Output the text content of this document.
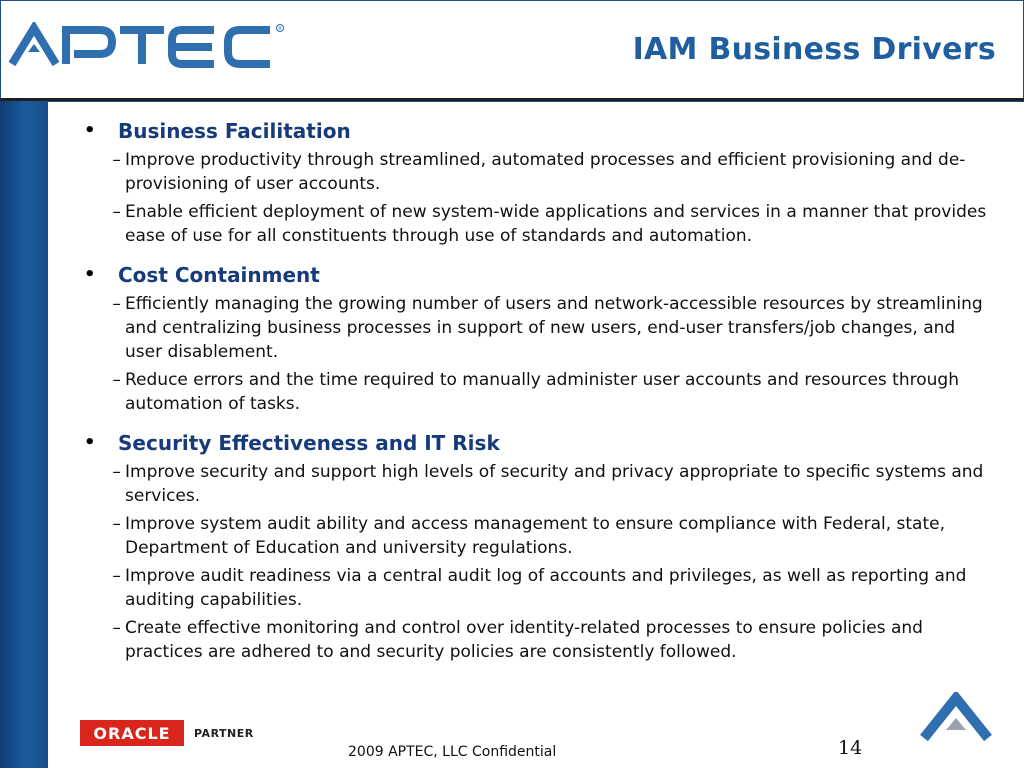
R
IAM Business Drivers
•	Business Facilitation
– Improve productivity through streamlined, automated processes and efficient provisioning and de-provisioning of user accounts.
– Enable efficient deployment of new system-wide applications and services in a manner that provides ease of use for all constituents through use of standards and automation.
•	Cost Containment
– Efficiently managing the growing number of users and network-accessible resources by streamlining and centralizing business processes in support of new users, end-user transfers/job changes, and user disablement.
– Reduce errors and the time required to manually administer user accounts and resources through automation of tasks.
•	Security Effectiveness and IT Risk
– Improve security and support high levels of security and privacy appropriate to specific systems and services.
– Improve system audit ability and access management to ensure compliance with Federal, state, Department of Education and university regulations.
– Improve audit readiness via a central audit log of accounts and privileges, as well as reporting and auditing capabilities.
– Create effective monitoring and control over identity-related processes to ensure policies and practices are adhered to and security policies are consistently followed.
ORACLE	PARTNER
2009 APTEC, LLC Confidential	14
